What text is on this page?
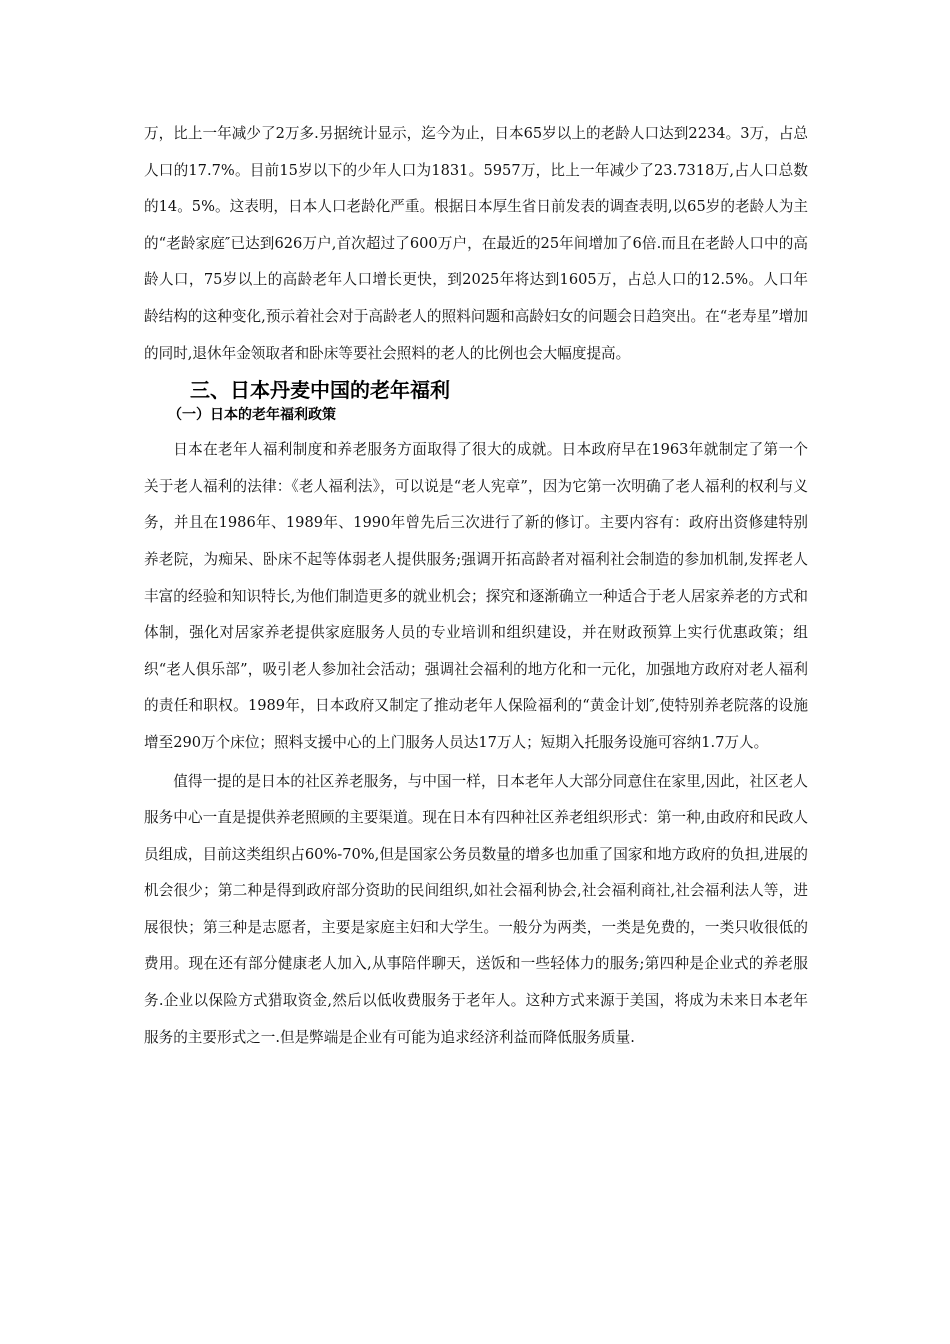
万，比上一年减少了2万多.另据统计显示，迄今为止，日本65岁以上的老龄人口达到2234。3万，占总人口的17.7%。目前15岁以下的少年人口为1831。5957万，比上一年减少了23.7318万,占人口总数的14。5%。这表明，日本人口老龄化严重。根据日本厚生省日前发表的调查表明,以65岁的老龄人为主的“老龄家庭″已达到626万户,首次超过了600万户，在最近的25年间增加了6倍.而且在老龄人口中的高龄人口，75岁以上的高龄老年人口增长更快，到2025年将达到1605万，占总人口的12.5%。人口年龄结构的这种变化,预示着社会对于高龄老人的照料问题和高龄妇女的问题会日趋突出。在“老寿星”增加的同时,退休年金领取者和卧床等要社会照料的老人的比例也会大幅度提高。

三、日本丹麦中国的老年福利
（一）日本的老年福利政策

日本在老年人福利制度和养老服务方面取得了很大的成就。日本政府早在1963年就制定了第一个关于老人福利的法律：《老人福利法》，可以说是“老人宪章”，因为它第一次明确了老人福利的权利与义务，并且在1986年、1989年、1990年曾先后三次进行了新的修订。主要内容有：政府出资修建特别养老院，为痴呆、卧床不起等体弱老人提供服务;强调开拓高龄者对福利社会制造的参加机制,发挥老人丰富的经验和知识特长,为他们制造更多的就业机会；探究和逐渐确立一种适合于老人居家养老的方式和体制，强化对居家养老提供家庭服务人员的专业培训和组织建设，并在财政预算上实行优惠政策；组织“老人俱乐部”，吸引老人参加社会活动；强调社会福利的地方化和一元化，加强地方政府对老人福利的责任和职权。1989年，日本政府又制定了推动老年人保险福利的“黄金计划″,使特别养老院落的设施增至290万个床位；照料支援中心的上门服务人员达17万人；短期入托服务设施可容纳1.7万人。

值得一提的是日本的社区养老服务，与中国一样，日本老年人大部分同意住在家里,因此，社区老人服务中心一直是提供养老照顾的主要渠道。现在日本有四种社区养老组织形式：第一种,由政府和民政人员组成，目前这类组织占60%-70%,但是国家公务员数量的增多也加重了国家和地方政府的负担,进展的机会很少；第二种是得到政府部分资助的民间组织,如社会福利协会,社会福利商社,社会福利法人等，进展很快；第三种是志愿者，主要是家庭主妇和大学生。一般分为两类，一类是免费的，一类只收很低的费用。现在还有部分健康老人加入,从事陪伴聊天，送饭和一些轻体力的服务;第四种是企业式的养老服务.企业以保险方式猎取资金,然后以低收费服务于老年人。这种方式来源于美国，将成为未来日本老年服务的主要形式之一.但是弊端是企业有可能为追求经济利益而降低服务质量.
